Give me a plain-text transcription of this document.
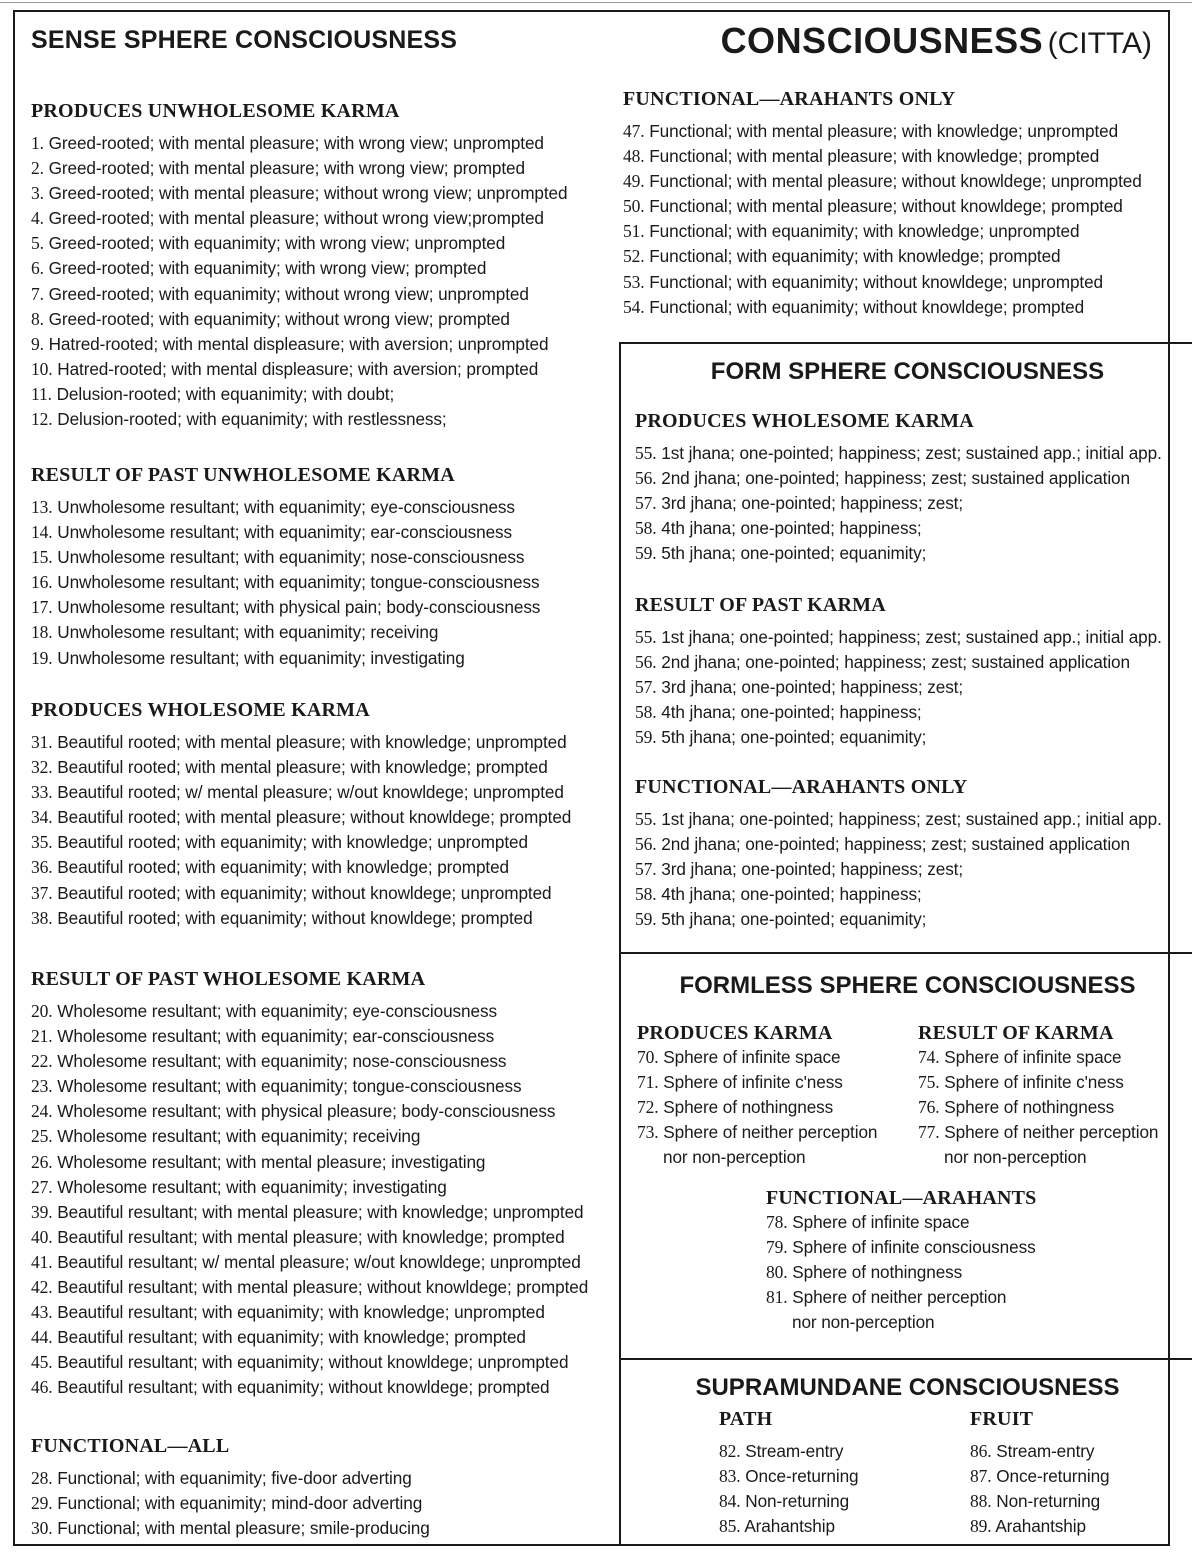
SENSE SPHERE CONSCIOUSNESS
PRODUCES UNWHOLESOME KARMA
1. Greed-rooted; with mental pleasure; with wrong view; unprompted
2. Greed-rooted; with mental pleasure; with wrong view; prompted
3. Greed-rooted; with mental pleasure; without wrong view; unprompted
4. Greed-rooted; with mental pleasure; without wrong view;prompted
5. Greed-rooted; with equanimity; with wrong view; unprompted
6. Greed-rooted; with equanimity; with wrong view; prompted
7. Greed-rooted; with equanimity; without wrong view; unprompted
8. Greed-rooted; with equanimity; without wrong view; prompted
9. Hatred-rooted; with mental displeasure; with aversion; unprompted
10. Hatred-rooted; with mental displeasure; with aversion; prompted
11. Delusion-rooted; with equanimity; with doubt;
12. Delusion-rooted; with equanimity; with restlessness;
RESULT OF PAST UNWHOLESOME KARMA
13. Unwholesome resultant; with equanimity; eye-consciousness
14. Unwholesome resultant; with equanimity; ear-consciousness
15. Unwholesome resultant; with equanimity; nose-consciousness
16. Unwholesome resultant; with equanimity; tongue-consciousness
17. Unwholesome resultant; with physical pain; body-consciousness
18. Unwholesome resultant; with equanimity; receiving
19. Unwholesome resultant; with equanimity; investigating
PRODUCES WHOLESOME KARMA
31. Beautiful rooted; with mental pleasure; with knowledge; unprompted
32. Beautiful rooted; with mental pleasure; with knowledge; prompted
33. Beautiful rooted; w/ mental pleasure; w/out knowldege; unprompted
34. Beautiful rooted; with mental pleasure; without knowldege; prompted
35. Beautiful rooted; with equanimity; with knowledge; unprompted
36. Beautiful rooted; with equanimity; with knowledge; prompted
37. Beautiful rooted; with equanimity; without knowldege; unprompted
38. Beautiful rooted; with equanimity; without knowldege; prompted
RESULT OF PAST WHOLESOME KARMA
20. Wholesome resultant; with equanimity; eye-consciousness
21. Wholesome resultant; with equanimity; ear-consciousness
22. Wholesome resultant; with equanimity; nose-consciousness
23. Wholesome resultant; with equanimity; tongue-consciousness
24. Wholesome resultant; with physical pleasure; body-consciousness
25. Wholesome resultant; with equanimity; receiving
26. Wholesome resultant; with mental pleasure; investigating
27. Wholesome resultant; with equanimity; investigating
39. Beautiful resultant; with mental pleasure; with knowledge; unprompted
40. Beautiful resultant; with mental pleasure; with knowledge; prompted
41. Beautiful resultant; w/ mental pleasure; w/out knowldege; unprompted
42. Beautiful resultant; with mental pleasure; without knowldege; prompted
43. Beautiful resultant; with equanimity; with knowledge; unprompted
44. Beautiful resultant; with equanimity; with knowledge; prompted
45. Beautiful resultant; with equanimity; without knowldege; unprompted
46. Beautiful resultant; with equanimity; without knowldege; prompted
FUNCTIONAL—ALL
28. Functional; with equanimity; five-door adverting
29. Functional; with equanimity; mind-door adverting
30. Functional; with mental pleasure; smile-producing
CONSCIOUSNESS (CITTA)
FUNCTIONAL—ARAHANTS ONLY
47. Functional; with mental pleasure; with knowledge; unprompted
48. Functional; with mental pleasure; with knowledge; prompted
49. Functional; with mental pleasure; without knowldege; unprompted
50. Functional; with mental pleasure; without knowldege; prompted
51. Functional; with equanimity; with knowledge; unprompted
52. Functional; with equanimity; with knowledge; prompted
53. Functional; with equanimity; without knowldege; unprompted
54. Functional; with equanimity; without knowldege; prompted
FORM SPHERE CONSCIOUSNESS
PRODUCES WHOLESOME KARMA
55. 1st jhana; one-pointed; happiness; zest; sustained app.; initial app.
56. 2nd jhana; one-pointed; happiness; zest; sustained application
57. 3rd jhana; one-pointed; happiness; zest;
58. 4th jhana; one-pointed; happiness;
59. 5th jhana; one-pointed; equanimity;
RESULT OF PAST KARMA
55. 1st jhana; one-pointed; happiness; zest; sustained app.; initial app.
56. 2nd jhana; one-pointed; happiness; zest; sustained application
57. 3rd jhana; one-pointed; happiness; zest;
58. 4th jhana; one-pointed; happiness;
59. 5th jhana; one-pointed; equanimity;
FUNCTIONAL—ARAHANTS ONLY
55. 1st jhana; one-pointed; happiness; zest; sustained app.; initial app.
56. 2nd jhana; one-pointed; happiness; zest; sustained application
57. 3rd jhana; one-pointed; happiness; zest;
58. 4th jhana; one-pointed; happiness;
59. 5th jhana; one-pointed; equanimity;
FORMLESS SPHERE CONSCIOUSNESS
PRODUCES KARMA
70. Sphere of infinite space
71. Sphere of infinite c'ness
72. Sphere of nothingness
73. Sphere of neither perception
nor non-perception
RESULT OF KARMA
74. Sphere of infinite space
75. Sphere of infinite c'ness
76. Sphere of nothingness
77. Sphere of neither perception
nor non-perception
FUNCTIONAL—ARAHANTS
78. Sphere of infinite space
79. Sphere of infinite consciousness
80. Sphere of nothingness
81. Sphere of neither perception
nor non-perception
SUPRAMUNDANE CONSCIOUSNESS
PATH
82. Stream-entry
83. Once-returning
84. Non-returning
85. Arahantship
FRUIT
86. Stream-entry
87. Once-returning
88. Non-returning
89. Arahantship
